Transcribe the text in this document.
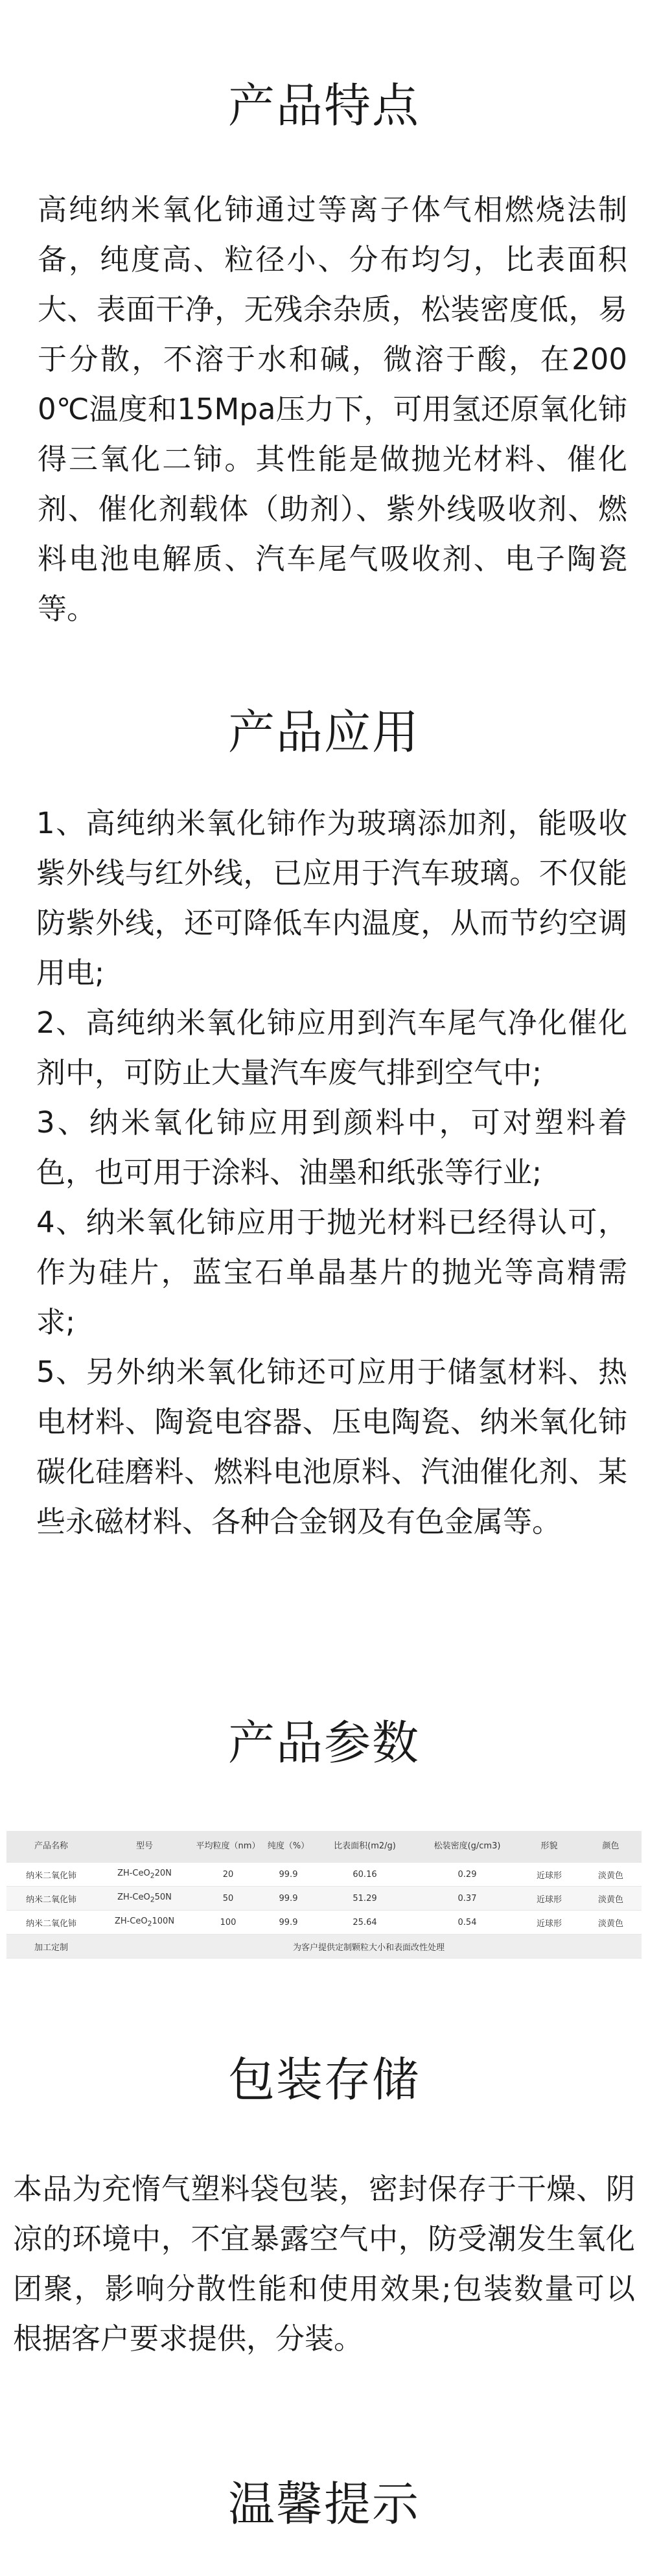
产品特点

高纯纳米氧化铈通过等离子体气相燃烧法制备，纯度高、粒径小、分布均匀，比表面积大、表面干净，无残余杂质，松装密度低，易于分散，不溶于水和碱，微溶于酸，在2000℃温度和15Mpa压力下，可用氢还原氧化铈得三氧化二铈。其性能是做抛光材料、催化剂、催化剂载体（助剂）、紫外线吸收剂、燃料电池电解质、汽车尾气吸收剂、电子陶瓷等。

产品应用
1、高纯纳米氧化铈作为玻璃添加剂，能吸收紫外线与红外线，已应用于汽车玻璃。不仅能防紫外线，还可降低车内温度，从而节约空调用电;
2、高纯纳米氧化铈应用到汽车尾气净化催化剂中，可防止大量汽车废气排到空气中;
3、纳米氧化铈应用到颜料中，可对塑料着色，也可用于涂料、油墨和纸张等行业;
4、纳米氧化铈应用于抛光材料已经得认可，作为硅片，蓝宝石单晶基片的抛光等高精需求;
5、另外纳米氧化铈还可应用于储氢材料、热电材料、陶瓷电容器、压电陶瓷、纳米氧化铈碳化硅磨料、燃料电池原料、汽油催化剂、某些永磁材料、各种合金钢及有色金属等。
产品参数
产品名称	型号	平均粒度（nm）	纯度（%）	比表面积(m2/g)	松装密度(g/cm3)	形貌	颜色
纳米二氧化铈	ZH-CeO$_2$20N	20	99.9	60.16	0.29	近球形	淡黄色
纳米二氧化铈	ZH-CeO$_2$50N	50	99.9	51.29	0.37	近球形	淡黄色
纳米二氧化铈	ZH-CeO$_2$100N	100	99.9	25.64	0.54	近球形	淡黄色
加工定制	为客户提供定制颗粒大小和表面改性处理						
包装存储

本品为充惰气塑料袋包装，密封保存于干燥、阴凉的环境中，不宜暴露空气中，防受潮发生氧化团聚，影响分散性能和使用效果;包装数量可以根据客户要求提供，分装。

温馨提示
